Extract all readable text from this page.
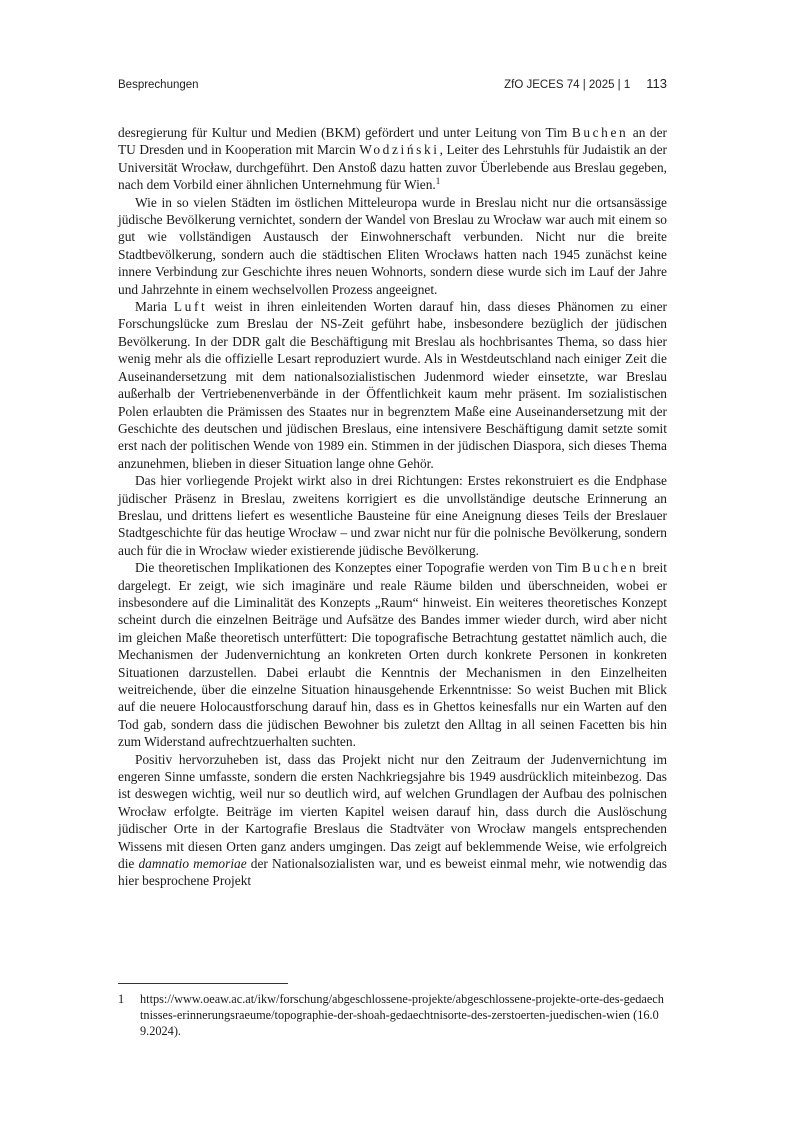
Besprechungen	ZfO JECES 74 | 2025 | 1 113

desregierung für Kultur und Medien (BKM) gefördert und unter Leitung von Tim Buchen an der TU Dresden und in Kooperation mit Marcin Wodziński, Leiter des Lehrstuhls für Judaistik an der Universität Wrocław, durchgeführt. Den Anstoß dazu hatten zuvor Überlebende aus Breslau gegeben, nach dem Vorbild einer ähnlichen Unternehmung für Wien.$^1$

Wie in so vielen Städten im östlichen Mitteleuropa wurde in Breslau nicht nur die ortsansässige jüdische Bevölkerung vernichtet, sondern der Wandel von Breslau zu Wrocław war auch mit einem so gut wie vollständigen Austausch der Einwohnerschaft verbunden. Nicht nur die breite Stadtbevölkerung, sondern auch die städtischen Eliten Wrocławs hatten nach 1945 zunächst keine innere Verbindung zur Geschichte ihres neuen Wohnorts, sondern diese wurde sich im Lauf der Jahre und Jahrzehnte in einem wechselvollen Prozess angeeignet.

Maria Luft weist in ihren einleitenden Worten darauf hin, dass dieses Phänomen zu einer Forschungslücke zum Breslau der NS-Zeit geführt habe, insbesondere bezüglich der jüdischen Bevölkerung. In der DDR galt die Beschäftigung mit Breslau als hochbrisantes Thema, so dass hier wenig mehr als die offizielle Lesart reproduziert wurde. Als in Westdeutschland nach einiger Zeit die Auseinandersetzung mit dem nationalsozialistischen Judenmord wieder einsetzte, war Breslau außerhalb der Vertriebenenverbände in der Öffentlichkeit kaum mehr präsent. Im sozialistischen Polen erlaubten die Prämissen des Staates nur in begrenztem Maße eine Auseinandersetzung mit der Geschichte des deutschen und jüdischen Breslaus, eine intensivere Beschäftigung damit setzte somit erst nach der politischen Wende von 1989 ein. Stimmen in der jüdischen Diaspora, sich dieses Thema anzunehmen, blieben in dieser Situation lange ohne Gehör.

Das hier vorliegende Projekt wirkt also in drei Richtungen: Erstes rekonstruiert es die Endphase jüdischer Präsenz in Breslau, zweitens korrigiert es die unvollständige deutsche Erinnerung an Breslau, und drittens liefert es wesentliche Bausteine für eine Aneignung dieses Teils der Breslauer Stadtgeschichte für das heutige Wrocław – und zwar nicht nur für die polnische Bevölkerung, sondern auch für die in Wrocław wieder existierende jüdische Bevölkerung.

Die theoretischen Implikationen des Konzeptes einer Topografie werden von Tim Buchen breit dargelegt. Er zeigt, wie sich imaginäre und reale Räume bilden und überschneiden, wobei er insbesondere auf die Liminalität des Konzepts „Raum“ hinweist. Ein weiteres theoretisches Konzept scheint durch die einzelnen Beiträge und Aufsätze des Bandes immer wieder durch, wird aber nicht im gleichen Maße theoretisch unterfüttert: Die topografische Betrachtung gestattet nämlich auch, die Mechanismen der Judenvernichtung an konkreten Orten durch konkrete Personen in konkreten Situationen darzustellen. Dabei erlaubt die Kenntnis der Mechanismen in den Einzelheiten weitreichende, über die einzelne Situation hinausgehende Erkenntnisse: So weist Buchen mit Blick auf die neuere Holocaustforschung darauf hin, dass es in Ghettos keinesfalls nur ein Warten auf den Tod gab, sondern dass die jüdischen Bewohner bis zuletzt den Alltag in all seinen Facetten bis hin zum Widerstand aufrechtzuerhalten suchten.

Positiv hervorzuheben ist, dass das Projekt nicht nur den Zeitraum der Judenvernichtung im engeren Sinne umfasste, sondern die ersten Nachkriegsjahre bis 1949 ausdrücklich miteinbezog. Das ist deswegen wichtig, weil nur so deutlich wird, auf welchen Grundlagen der Aufbau des polnischen Wrocław erfolgte. Beiträge im vierten Kapitel weisen darauf hin, dass durch die Auslöschung jüdischer Orte in der Kartografie Breslaus die Stadtväter von Wrocław mangels entsprechenden Wissens mit diesen Orten ganz anders umgingen. Das zeigt auf beklemmende Weise, wie erfolgreich die damnatio memoriae der Nationalsozialisten war, und es beweist einmal mehr, wie notwendig das hier besprochene Projekt

1 https://www.oeaw.ac.at/ikw/forschung/abgeschlossene-projekte/abgeschlossene-projekte-orte-des-gedaechtnisses-erinnerungsraeume/topographie-der-shoah-gedaechtnisorte-des-zerstoerten-juedischen-wien (16.09.2024).
